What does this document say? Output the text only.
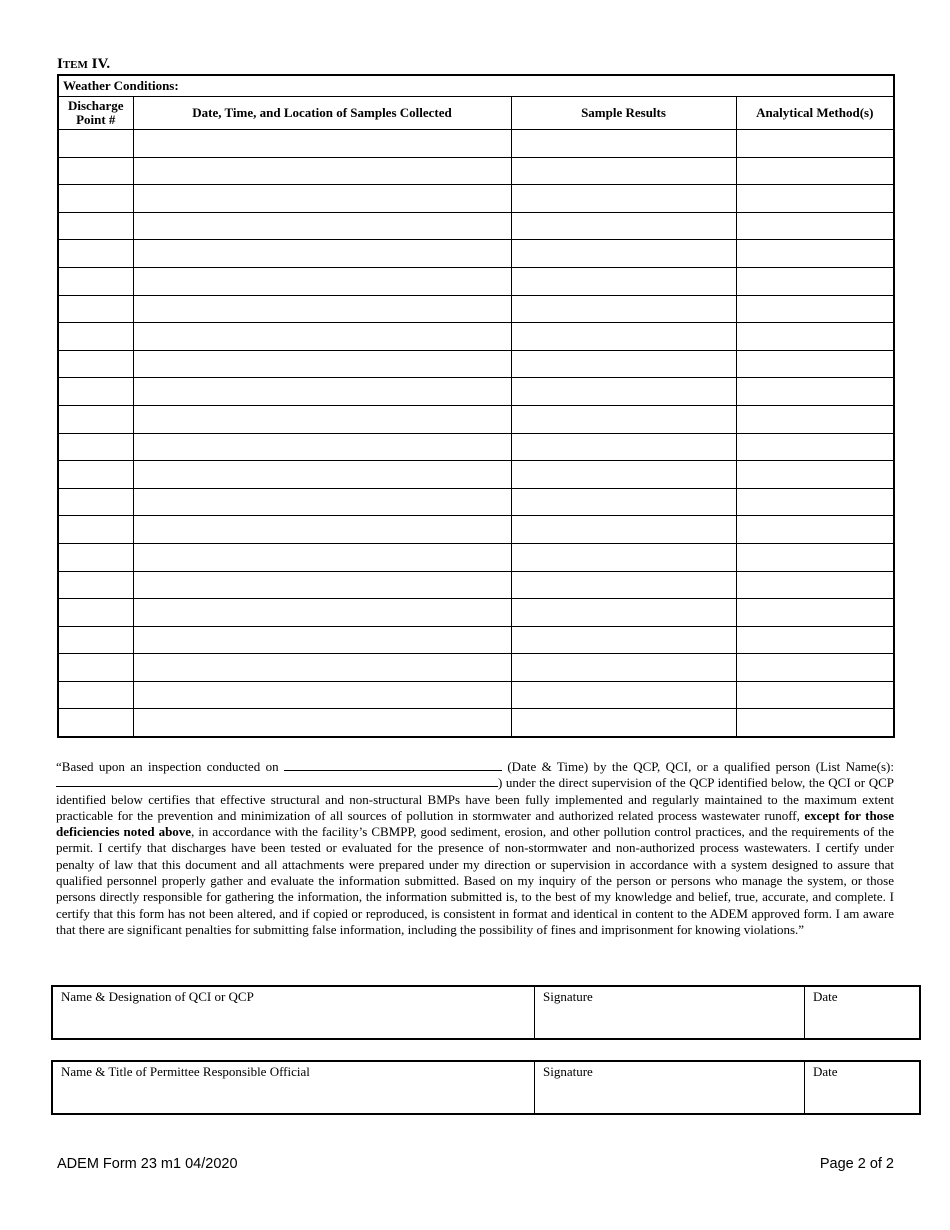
ITEM IV.
Weather Conditions:			
Discharge Point #	Date, Time, and Location of Samples Collected	Sample Results	Analytical Method(s)

“Based upon an inspection conducted on	(Date & Time) by the QCP, QCI, or a qualified person (List Name(s):) under the direct supervision of the QCP identified below, the QCI or QCP identified below certifies that effective structural and non-structural BMPs have been fully implemented and regularly maintained to the maximum extent practicable for the prevention and minimization of all sources of pollution in stormwater and authorized related process wastewater runoff, except for those deficiencies noted above, in accordance with the facility’s CBMPP, good sediment, erosion, and other pollution control practices, and the requirements of the permit. I certify that discharges have been tested or evaluated for the presence of non-stormwater and non-authorized process wastewaters. I certify under penalty of law that this document and all attachments were prepared under my direction or supervision in accordance with a system designed to assure that qualified personnel properly gather and evaluate the information submitted. Based on my inquiry of the person or persons who manage the system, or those persons directly responsible for gathering the information, the information submitted is, to the best of my knowledge and belief, true, accurate, and complete. I certify that this form has not been altered, and if copied or reproduced, is consistent in format and identical in content to the ADEM approved form. I am aware that there are significant penalties for submitting false information, including the possibility of fines and imprisonment for knowing violations.”

Name & Designation of QCI or QCP	Signature	Date
Name & Title of Permittee Responsible Official	Signature	Date
ADEM Form 23 m1 04/2020	Page 2 of 2
